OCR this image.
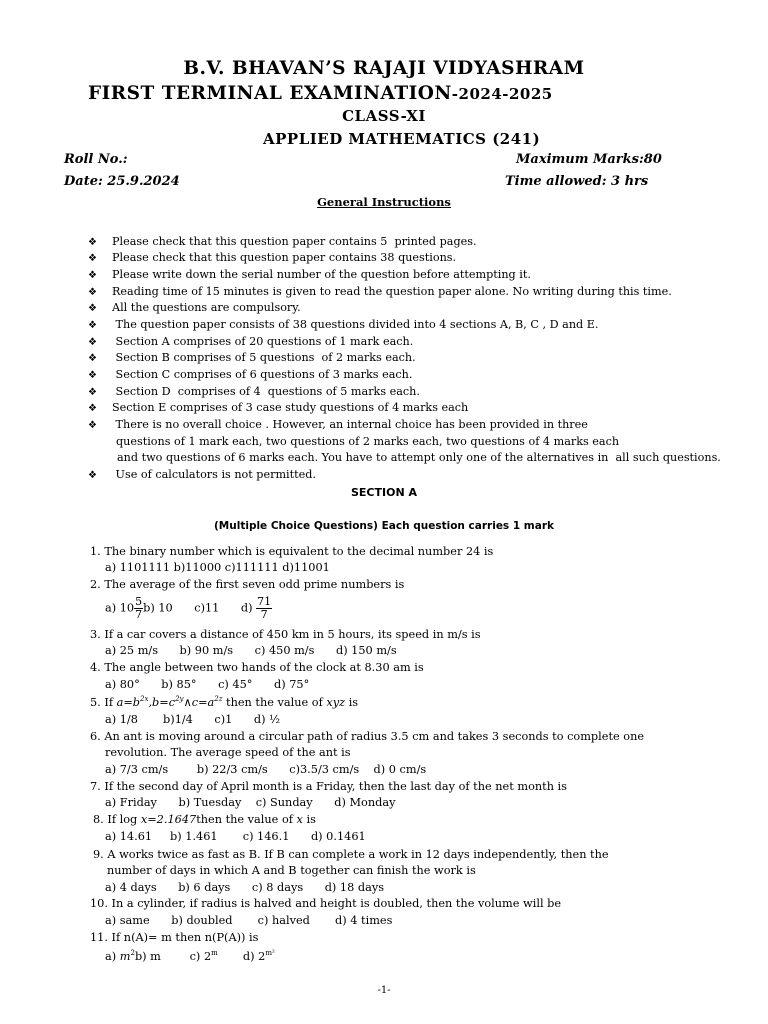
B.V. BHAVAN’S RAJAJI VIDYASHRAM
FIRST TERMINAL EXAMINATION-2024-2025
CLASS-XI
APPLIED MATHEMATICS (241)
Roll No.:	Maximum Marks:80
Date: 25.9.2024	Time allowed: 3 hrs
General Instructions
❖ Please check that this question paper contains 5  printed pages.
❖ Please check that this question paper contains 38 questions.
❖ Please write down the serial number of the question before attempting it.
❖ Reading time of 15 minutes is given to read the question paper alone. No writing during this time.
❖ All the questions are compulsory.
❖ The question paper consists of 38 questions divided into 4 sections A, B, C , D and E.
❖ Section A comprises of 20 questions of 1 mark each.
❖ Section B comprises of 5 questions  of 2 marks each.
❖ Section C comprises of 6 questions of 3 marks each.
❖ Section D  comprises of 4  questions of 5 marks each.
❖ Section E comprises of 3 case study questions of 4 marks each
❖ There is no overall choice . However, an internal choice has been provided in three
questions of 1 mark each, two questions of 2 marks each, two questions of 4 marks each
and two questions of 6 marks each. You have to attempt only one of the alternatives in  all such questions.
❖ Use of calculators is not permitted.
SECTION A
(Multiple Choice Questions) Each question carries 1 mark
1. The binary number which is equivalent to the decimal number 24 is
a) 1101111 b)11000 c)111111 d)11001
2. The average of the first seven odd prime numbers is
a) $10 \frac{5}{7} b$) 10      c)11      $d) \frac{71}{7}$
3. If a car covers a distance of 450 km in 5 hours, its speed in m/s is
a) 25 m/s      b) 90 m/s      c) 450 m/s      d) 150 m/s
4. The angle between two hands of the clock at 8.30 am is
a) 80°      b) 85°      c) 45°      d) 75°
5. If $a=b^{2x},b=c^{2y}\wedge c=a^{2z}$ then the value of xyz is
a) 1/8       b)1/4      c)1      d) ½
6. An ant is moving around a circular path of radius 3.5 cm and takes 3 seconds to complete one
revolution. The average speed of the ant is
a) 7/3 cm/s        b) 22/3 cm/s      c)3.5/3 cm/s    d) 0 cm/s
7. If the second day of April month is a Friday, then the last day of the net month is
a) Friday      b) Tuesday    c) Sunday      d) Monday
8. If log x=2.1647then the value of x is
a) 14.61     b) 1.461       c) 146.1      d) 0.1461
9. A works twice as fast as B. If B can complete a work in 12 days independently, then the
number of days in which A and B together can finish the work is
a) 4 days      b) 6 days      c) 8 days      d) 18 days
10. In a cylinder, if radius is halved and height is doubled, then the volume will be
a) same      b) doubled       c) halved       d) 4 times
11. If n(A)= m then n(P(A)) is
a) $m^2b$) m        c) 2$^m$ d) $2^{m^2}$
-1-
